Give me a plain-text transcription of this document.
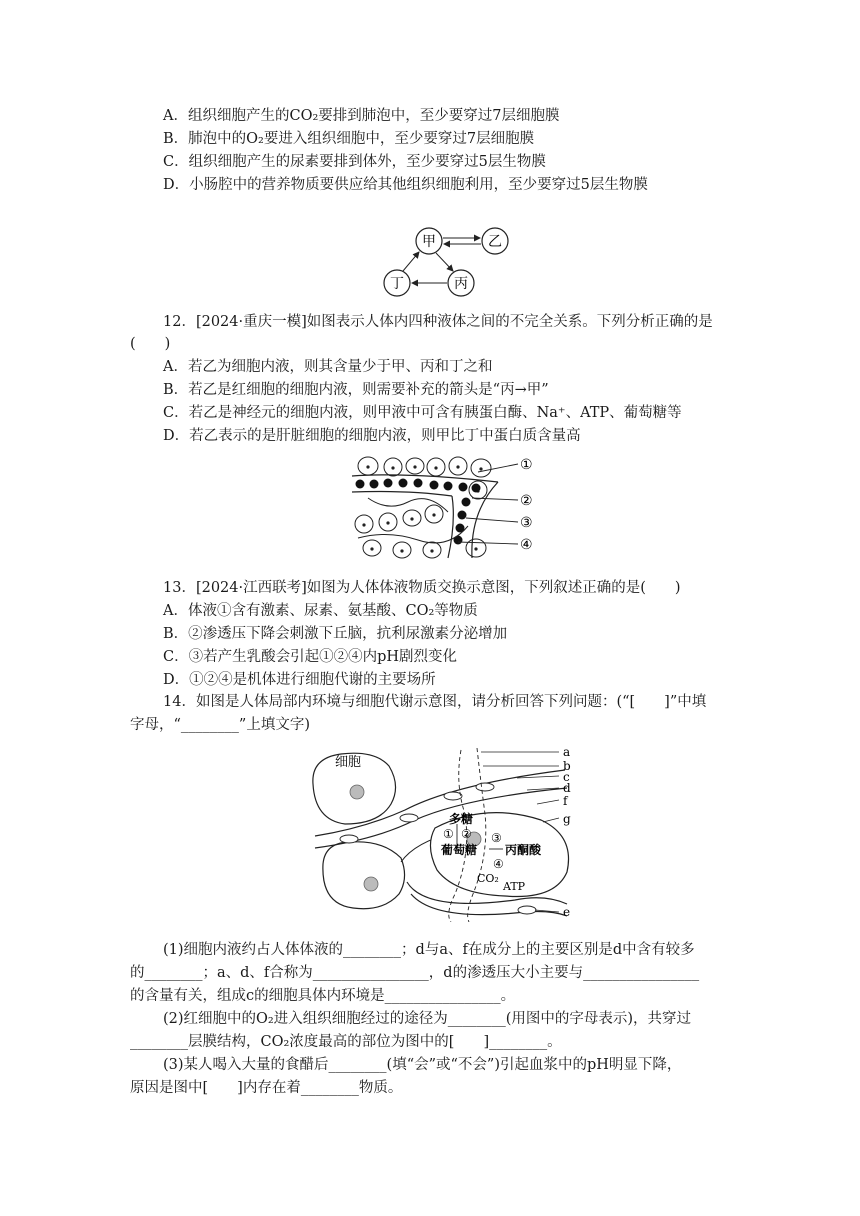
A．组织细胞产生的CO₂要排到肺泡中，至少要穿过7层细胞膜
B．肺泡中的O₂要进入组织细胞中，至少要穿过7层细胞膜
C．组织细胞产生的尿素要排到体外，至少要穿过5层生物膜
D．小肠腔中的营养物质要供应给其他组织细胞利用，至少要穿过5层生物膜
甲	乙
丁	丙
12．[2024·重庆一模]如图表示人体内四种液体之间的不完全关系。下列分析正确的是
(　　)
A．若乙为细胞内液，则其含量少于甲、丙和丁之和
B．若乙是红细胞的细胞内液，则需要补充的箭头是“丙→甲”
C．若乙是神经元的细胞内液，则甲液中可含有胰蛋白酶、Na⁺、ATP、葡萄糖等
D．若乙表示的是肝脏细胞的细胞内液，则甲比丁中蛋白质含量高
①
②
③
④
13．[2024·江西联考]如图为人体体液物质交换示意图，下列叙述正确的是(　　)
A．体液①含有激素、尿素、氨基酸、CO₂等物质
B．②渗透压下降会刺激下丘脑，抗利尿激素分泌增加
C．③若产生乳酸会引起①②④内pH剧烈变化
D．①②④是机体进行细胞代谢的主要场所
14．如图是人体局部内环境与细胞代谢示意图，请分析回答下列问题：(“[　　]”中填
字母，“________”上填文字)
细胞
多糖
① ②
葡萄糖
③
丙酮酸
④
CO₂
ATP
a
b
c
d
f
g
e
(1)细胞内液约占人体体液的________；d与a、f在成分上的主要区别是d中含有较多
的________；a、d、f合称为________________，d的渗透压大小主要与________________
的含量有关，组成c的细胞具体内环境是________________。
(2)红细胞中的O₂进入组织细胞经过的途径为________(用图中的字母表示)，共穿过
________层膜结构，CO₂浓度最高的部位为图中的[　　]________。
(3)某人喝入大量的食醋后________(填“会”或“不会”)引起血浆中的pH明显下降，
原因是图中[　　]内存在着________物质。
